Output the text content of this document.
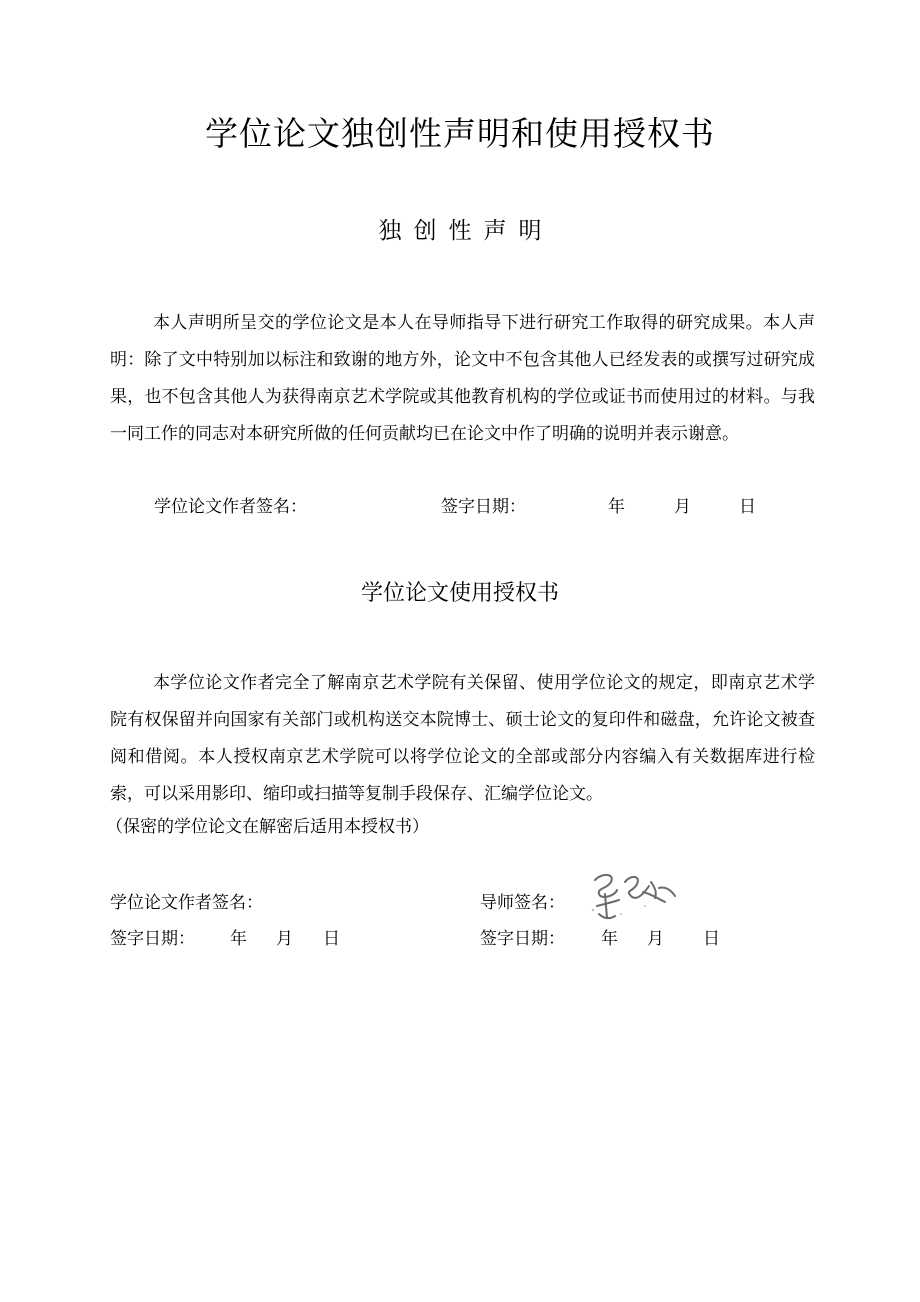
学位论文独创性声明和使用授权书
独创性声明
本人声明所呈交的学位论文是本人在导师指导下进行研究工作取得的研究成果。本人声明：除了文中特别加以标注和致谢的地方外，论文中不包含其他人已经发表的或撰写过研究成果，也不包含其他人为获得南京艺术学院或其他教育机构的学位或证书而使用过的材料。与我一同工作的同志对本研究所做的任何贡献均已在论文中作了明确的说明并表示谢意。
学位论文作者签名：	签字日期：	年	月	日
学位论文使用授权书
本学位论文作者完全了解南京艺术学院有关保留、使用学位论文的规定，即南京艺术学院有权保留并向国家有关部门或机构送交本院博士、硕士论文的复印件和磁盘，允许论文被查阅和借阅。本人授权南京艺术学院可以将学位论文的全部或部分内容编入有关数据库进行检索，可以采用影印、缩印或扫描等复制手段保存、汇编学位论文。
（保密的学位论文在解密后适用本授权书）
学位论文作者签名：	导师签名：
签字日期： 年 月 日	签字日期： 年 月 日
